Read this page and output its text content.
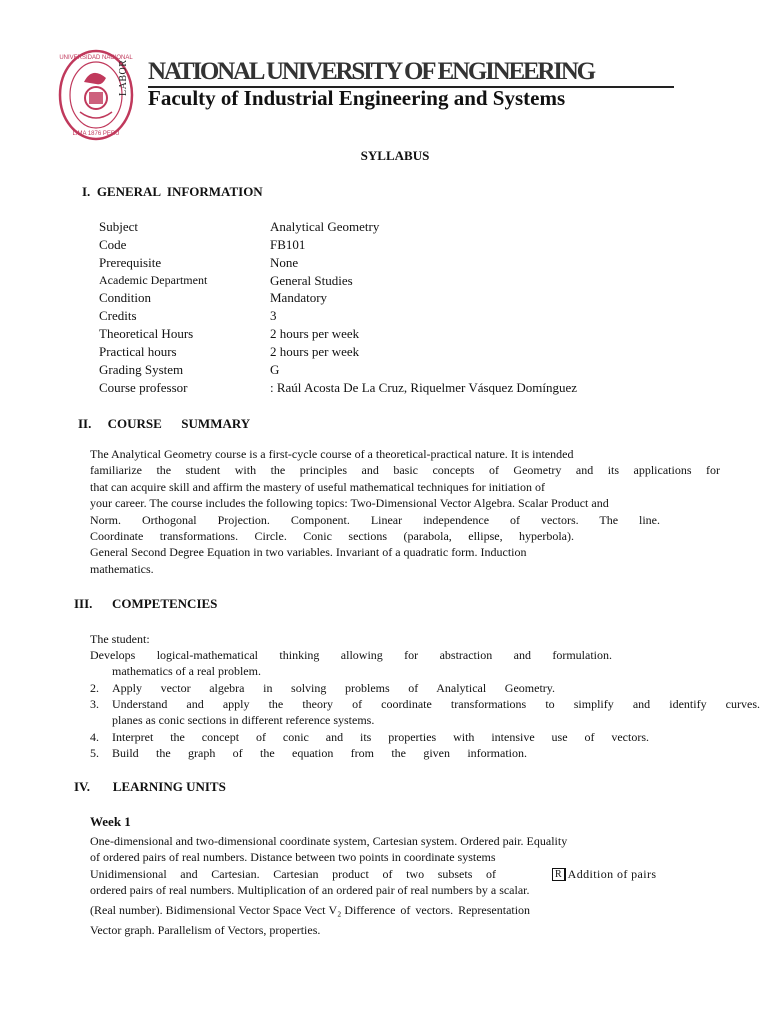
UNIVERSIDAD NACIONAL
LIMA 1876 PERÚ
LABOR NATIONAL UNIVERSITY OF ENGINEERING
Faculty of Industrial Engineering and Systems
SYLLABUS
I. GENERAL  INFORMATION
Subject	Analytical Geometry
Code	FB101
Prerequisite	None
Academic Department	General Studies
Condition	Mandatory
Credits	3
Theoretical Hours	2 hours per week
Practical hours	2 hours per week
Grading System	G
Course professor	: Raúl Acosta De La Cruz, Riquelmer Vásquez Domínguez
II. COURSE      SUMMARY
The Analytical Geometry course is a first-cycle course of a theoretical-practical nature. It is intended
familiarize the student with the principles and basic concepts of Geometry and its applications for
that can acquire skill and affirm the mastery of useful mathematical techniques for initiation of
your career. The course includes the following topics: Two-Dimensional Vector Algebra. Scalar Product and
Norm. Orthogonal Projection. Component. Linear independence of vectors. The line.
Coordinate transformations. Circle. Conic sections (parabola, ellipse, hyperbola).
General Second Degree Equation in two variables. Invariant of a quadratic form. Induction
mathematics.
III. COMPETENCIES
The student:
Develops logical-mathematical thinking allowing for abstraction and formulation.
mathematics of a real problem.
2. Apply vector algebra in solving problems of Analytical Geometry.
3. Understand and apply the theory of coordinate transformations to simplify and identify curves.
planes as conic sections in different reference systems.
4. Interpret the concept of conic and its properties with intensive use of vectors.
5. Build the graph of the equation from the given information.
IV. LEARNING UNITS
Week 1
One-dimensional and two-dimensional coordinate system, Cartesian system. Ordered pair. Equality
of ordered pairs of real numbers. Distance between two points in coordinate systems
Unidimensional and Cartesian. Cartesian product of two subsets of	R Addition of pairs
ordered pairs of real numbers. Multiplication of an ordered pair of real numbers by a scalar.
(Real number). Bidimensional Vector Space Vect V₂ Difference of vectors. Representation
Vector graph. Parallelism of Vectors, properties.
